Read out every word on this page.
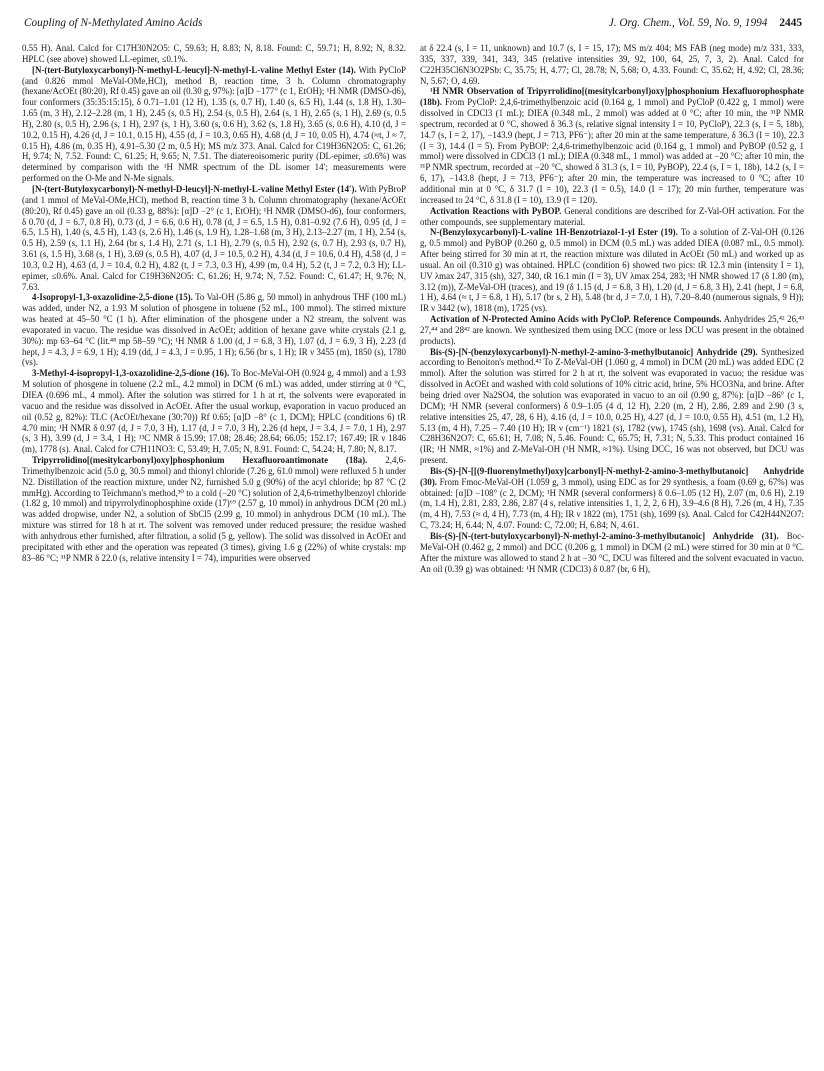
Coupling of N-Methylated Amino Acids	J. Org. Chem., Vol. 59, No. 9, 1994 2445

0.55 H). Anal. Calcd for C17H30N2O5: C, 59.63; H, 8.83; N, 8.18. Found: C, 59.71; H, 8.92; N, 8.32. HPLC (see above) showed LL-epimer, ≤0.1%.

[N-(tert-Butyloxycarbonyl)-N-methyl-L-leucyl]-N-methyl-L-valine Methyl Ester (14). With PyCloP (and 0.826 mmol MeVal-OMe,HCl), method B, reaction time, 3 h. Column chromatography (hexane/AcOEt (80:20), Rf 0.45) gave an oil (0.30 g, 97%): [α]D −177° (c 1, EtOH); ¹H NMR (DMSO-d6), four conformers (35:35:15:15), δ 0.71–1.01 (12 H), 1.35 (s, 0.7 H), 1.40 (s, 6.5 H), 1.44 (s, 1.8 H), 1.30–1.65 (m, 3 H), 2.12–2.28 (m, 1 H), 2.45 (s, 0.5 H), 2.54 (s, 0.5 H), 2.64 (s, 1 H), 2.65 (s, 1 H), 2.69 (s, 0.5 H), 2.80 (s, 0.5 H), 2.96 (s, 1 H), 2.97 (s, 1 H), 3.60 (s, 0.6 H), 3.62 (s, 1.8 H), 3.65 (s, 0.6 H), 4.10 (d, J = 10.2, 0.15 H), 4.26 (d, J = 10.1, 0.15 H), 4.55 (d, J = 10.3, 0.65 H), 4.68 (d, J = 10, 0.05 H), 4.74 (≈t, J ≈ 7, 0.15 H), 4.86 (m, 0.35 H), 4.91–5.30 (2 m, 0.5 H); MS m/z 373. Anal. Calcd for C19H36N2O5: C, 61.26; H, 9.74; N, 7.52. Found: C, 61.25; H, 9.65; N, 7.51. The diatereoisomeric purity (DL-epimer, ≤0.6%) was determined by comparison with the ¹H NMR spectrum of the DL isomer 14′; measurements were performed on the O-Me and N-Me signals.

[N-(tert-Butyloxycarbonyl)-N-methyl-D-leucyl]-N-methyl-L-valine Methyl Ester (14′). With PyBroP (and 1 mmol of MeVal-OMe,HCl), method B, reaction time 3 h. Column chromatography (hexane/AcOEt (80:20), Rf 0.45) gave an oil (0.33 g, 88%): [α]D −2° (c 1, EtOH); ¹H NMR (DMSO-d6), four conformers, δ 0.70 (d, J = 6.7, 0.8 H), 0.73 (d, J = 6.6, 0.6 H), 0.78 (d, J = 6.5, 1.5 H), 0.81–0.92 (7.6 H), 0.95 (d, J = 6.5, 1.5 H), 1.40 (s, 4.5 H), 1.43 (s, 2.6 H), 1.46 (s, 1.9 H), 1.28–1.68 (m, 3 H), 2.13–2.27 (m, 1 H), 2.54 (s, 0.5 H), 2.59 (s, 1.1 H), 2.64 (br s, 1.4 H), 2.71 (s, 1.1 H), 2.79 (s, 0.5 H), 2.92 (s, 0.7 H), 2.93 (s, 0.7 H), 3.61 (s, 1.5 H), 3.68 (s, 1 H), 3.69 (s, 0.5 H), 4.07 (d, J = 10.5, 0.2 H), 4.34 (d, J = 10.6, 0.4 H), 4.58 (d, J = 10.3, 0.2 H), 4.63 (d, J = 10.4, 0.2 H), 4.82 (t, J = 7.3, 0.3 H), 4.99 (m, 0.4 H), 5.2 (t, J = 7.2, 0.3 H); LL-epimer, ≤0.6%. Anal. Calcd for C19H36N2O5: C, 61.26; H, 9.74; N, 7.52. Found: C, 61.47; H, 9.76; N, 7.63.

4-Isopropyl-1,3-oxazolidine-2,5-dione (15). To Val-OH (5.86 g, 50 mmol) in anhydrous THF (100 mL) was added, under N2, a 1.93 M solution of phosgene in toluene (52 mL, 100 mmol). The stirred mixture was heated at 45–50 °C (1 h). After elimination of the phosgene under a N2 stream, the solvent was evaporated in vacuo. The residue was dissolved in AcOEt; addition of hexane gave white crystals (2.1 g, 30%): mp 63–64 °C (lit.⁴⁸ mp 58–59 °C); ¹H NMR δ 1.00 (d, J = 6.8, 3 H), 1.07 (d, J = 6.9, 3 H), 2.23 (d hept, J = 4.3, J = 6.9, 1 H); 4.19 (dd, J = 4.3, J = 0.95, 1 H); 6.56 (br s, 1 H); IR ν 3455 (m), 1850 (s), 1780 (vs).

3-Methyl-4-isopropyl-1,3-oxazolidine-2,5-dione (16). To Boc-MeVal-OH (0.924 g, 4 mmol) and a 1.93 M solution of phosgene in toluene (2.2 mL, 4.2 mmol) in DCM (6 mL) was added, under stirring at 0 °C, DIEA (0.696 mL, 4 mmol). After the solution was stirred for 1 h at rt, the solvents were evaporated in vacuo and the residue was dissolved in AcOEt. After the usual workup, evaporation in vacuo produced an oil (0.52 g, 82%): TLC (AcOEt/hexane (30:70)) Rf 0.65; [α]D −8° (c 1, DCM); HPLC (conditions 6) tR 4.70 min; ¹H NMR δ 0.97 (d, J = 7.0, 3 H), 1.17 (d, J = 7.0, 3 H), 2.26 (d hept, J = 3.4, J = 7.0, 1 H), 2.97 (s, 3 H), 3.99 (d, J = 3.4, 1 H); ¹³C NMR δ 15.99; 17.08; 28.46; 28.64; 66.05; 152.17; 167.49; IR ν 1846 (m), 1778 (s). Anal. Calcd for C7H11NO3: C, 53.49; H, 7.05; N, 8.91. Found: C, 54.24; H, 7.80; N, 8.17.

Tripyrrolidino[(mesitylcarbonyl)oxy]phosphonium Hexafluoroantimonate (18a). 2,4,6-Trimethylbenzoic acid (5.0 g, 30.5 mmol) and thionyl chloride (7.26 g, 61.0 mmol) were refluxed 5 h under N2. Distillation of the reaction mixture, under N2, furnished 5.0 g (90%) of the acyl chloride; bp 87 °C (2 mmHg). According to Teichmann's method,³⁰ to a cold (−20 °C) solution of 2,4,6-trimethylbenzoyl chloride (1.82 g, 10 mmol) and tripyrrolydinophosphine oxide (17)⁶⁹ (2.57 g, 10 mmol) in anhydrous DCM (20 mL) was added dropwise, under N2, a solution of SbCl5 (2.99 g, 10 mmol) in anhydrous DCM (10 mL). The mixture was stirred for 18 h at rt. The solvent was removed under reduced pressure; the residue washed with anhydrous ether furnished, after filtration, a solid (5 g, yellow). The solid was dissolved in AcOEt and precipitated with ether and the operation was repeated (3 times), giving 1.6 g (22%) of white crystals: mp 83–86 °C; ³¹P NMR δ 22.0 (s, relative intensity I = 74), impurities were observed

at δ 22.4 (s, I = 11, unknown) and 10.7 (s, I = 15, 17); MS m/z 404; MS FAB (neg mode) m/z 331, 333, 335, 337, 339, 341, 343, 345 (relative intensities 39, 92, 100, 64, 25, 7, 3, 2). Anal. Calcd for C22H35Cl6N3O2PSb: C, 35.75; H, 4.77; Cl, 28.78; N, 5.68; O, 4.33. Found: C, 35.62; H, 4.92; Cl, 28.36; N, 5.67; O, 4.69.

¹H NMR Observation of Tripyrrolidino[(mesitylcarbonyl)oxy]phosphonium Hexafluorophosphate (18b). From PyCloP: 2,4,6-trimethylbenzoic acid (0.164 g, 1 mmol) and PyCloP (0.422 g, 1 mmol) were dissolved in CDCl3 (1 mL); DIEA (0.348 mL, 2 mmol) was added at 0 °C; after 10 min, the ³¹P NMR spectrum, recorded at 0 °C, showed δ 36.3 (s, relative signal intensity I = 10, PyCloP), 22.3 (s, I = 5, 18b), 14.7 (s, I = 2, 17), −143.9 (hept, J = 713, PF6⁻); after 20 min at the same temperature, δ 36.3 (I = 10), 22.3 (I = 3), 14.4 (I = 5). From PyBOP: 2,4,6-trimethylbenzoic acid (0.164 g, 1 mmol) and PyBOP (0.52 g, 1 mmol) were dissolved in CDCl3 (1 mL); DIEA (0.348 mL, 1 mmol) was added at −20 °C; after 10 min, the ³¹P NMR spectrum, recorded at −20 °C, showed δ 31.3 (s, I = 10, PyBOP), 22.4 (s, I = 1, 18b), 14.2 (s, I = 6, 17), −143.8 (hept, J = 713, PF6⁻); after 20 min, the temperature was increased to 0 °C; after 10 additional min at 0 °C, δ 31.7 (I = 10), 22.3 (I = 0.5), 14.0 (I = 17); 20 min further, temperature was increased to 24 °C, δ 31.8 (I = 10), 13.9 (I = 120).

Activation Reactions with PyBOP. General conditions are described for Z-Val-OH activation. For the other compounds, see supplementary material.

N-(Benzyloxycarbonyl)-L-valine 1H-Benzotriazol-1-yl Ester (19). To a solution of Z-Val-OH (0.126 g, 0.5 mmol) and PyBOP (0.260 g, 0.5 mmol) in DCM (0.5 mL) was added DIEA (0.087 mL, 0.5 mmol). After being stirred for 30 min at rt, the reaction mixture was diluted in AcOEt (50 mL) and worked up as usual. An oil (0.310 g) was obtained. HPLC (condition 6) showed two pics: tR 12.3 min (intensity I = 1), UV λmax 247, 315 (sh), 327, 340, tR 16.1 min (I = 3), UV λmax 254, 283; ¹H NMR showed 17 (δ 1.80 (m), 3.12 (m)), Z-MeVal-OH (traces), and 19 (δ 1.15 (d, J = 6.8, 3 H), 1.20 (d, J = 6.8, 3 H), 2.41 (hept, J = 6.8, 1 H), 4.64 (≈ t, J = 6.8, 1 H), 5.17 (br s, 2 H), 5.48 (br d, J = 7.0, 1 H), 7.20–8.40 (numerous signals, 9 H)); IR ν 3442 (w), 1818 (m), 1725 (vs).

Activation of N-Protected Amino Acids with PyCloP. Reference Compounds. Anhydrides 25,⁴² 26,⁴³ 27,⁴⁴ and 28⁴² are known. We synthesized them using DCC (more or less DCU was present in the obtained products).

Bis-(S)-[N-(benzyloxycarbonyl)-N-methyl-2-amino-3-methylbutanoic] Anhydride (29). Synthesized according to Benoiton's method.⁴² To Z-MeVal-OH (1.060 g, 4 mmol) in DCM (20 mL) was added EDC (2 mmol). After the solution was stirred for 2 h at rt, the solvent was evaporated in vacuo; the residue was dissolved in AcOEt and washed with cold solutions of 10% citric acid, brine, 5% HCO3Na, and brine. After being dried over Na2SO4, the solution was evaporated in vacuo to an oil (0.90 g, 87%): [α]D −86° (c 1, DCM); ¹H NMR (several conformers) δ 0.9–1.05 (4 d, 12 H), 2.20 (m, 2 H), 2.86, 2.89 and 2.90 (3 s, relative intensities 25, 47, 28, 6 H), 4.16 (d, J = 10.0, 0.25 H), 4.27 (d, J = 10.0, 0.55 H), 4.51 (m, 1.2 H), 5.13 (m, 4 H), 7.25 – 7.40 (10 H); IR ν (cm⁻¹) 1821 (s), 1782 (vw), 1745 (sh), 1698 (vs). Anal. Calcd for C28H36N2O7: C, 65.61; H, 7.08; N, 5.46. Found: C, 65.75; H, 7.31; N, 5.33. This product contained 16 (IR; ¹H NMR, ≈1%) and Z-MeVal-OH (¹H NMR, ≈1%). Using DCC, 16 was not observed, but DCU was present.

Bis-(S)-[N-[[(9-fluorenylmethyl)oxy]carbonyl]-N-methyl-2-amino-3-methylbutanoic] Anhydride (30). From Fmoc-MeVal-OH (1.059 g, 3 mmol), using EDC as for 29 synthesis, a foam (0.69 g, 67%) was obtained: [α]D −108° (c 2, DCM); ¹H NMR (several conformers) δ 0.6–1.05 (12 H), 2.07 (m, 0.6 H), 2.19 (m, 1.4 H), 2.81, 2.83, 2.86, 2.87 (4 s, relative intensities 1, 1, 2, 2, 6 H), 3.9–4.6 (8 H), 7.26 (m, 4 H), 7.35 (m, 4 H), 7.53 (≈ d, 4 H), 7.73 (m, 4 H); IR ν 1822 (m), 1751 (sh), 1699 (s). Anal. Calcd for C42H44N2O7: C, 73.24; H, 6.44; N, 4.07. Found: C, 72.00; H, 6.84; N, 4.61.

Bis-(S)-[N-(tert-butyloxycarbonyl)-N-methyl-2-amino-3-methylbutanoic] Anhydride (31). Boc-MeVal-OH (0.462 g, 2 mmol) and DCC (0.206 g, 1 mmol) in DCM (2 mL) were stirred for 30 min at 0 °C. After the mixture was allowed to stand 2 h at −30 °C, DCU was filtered and the solvent evacuated in vacuo. An oil (0.39 g) was obtained: ¹H NMR (CDCl3) δ 0.87 (br, 6 H),
